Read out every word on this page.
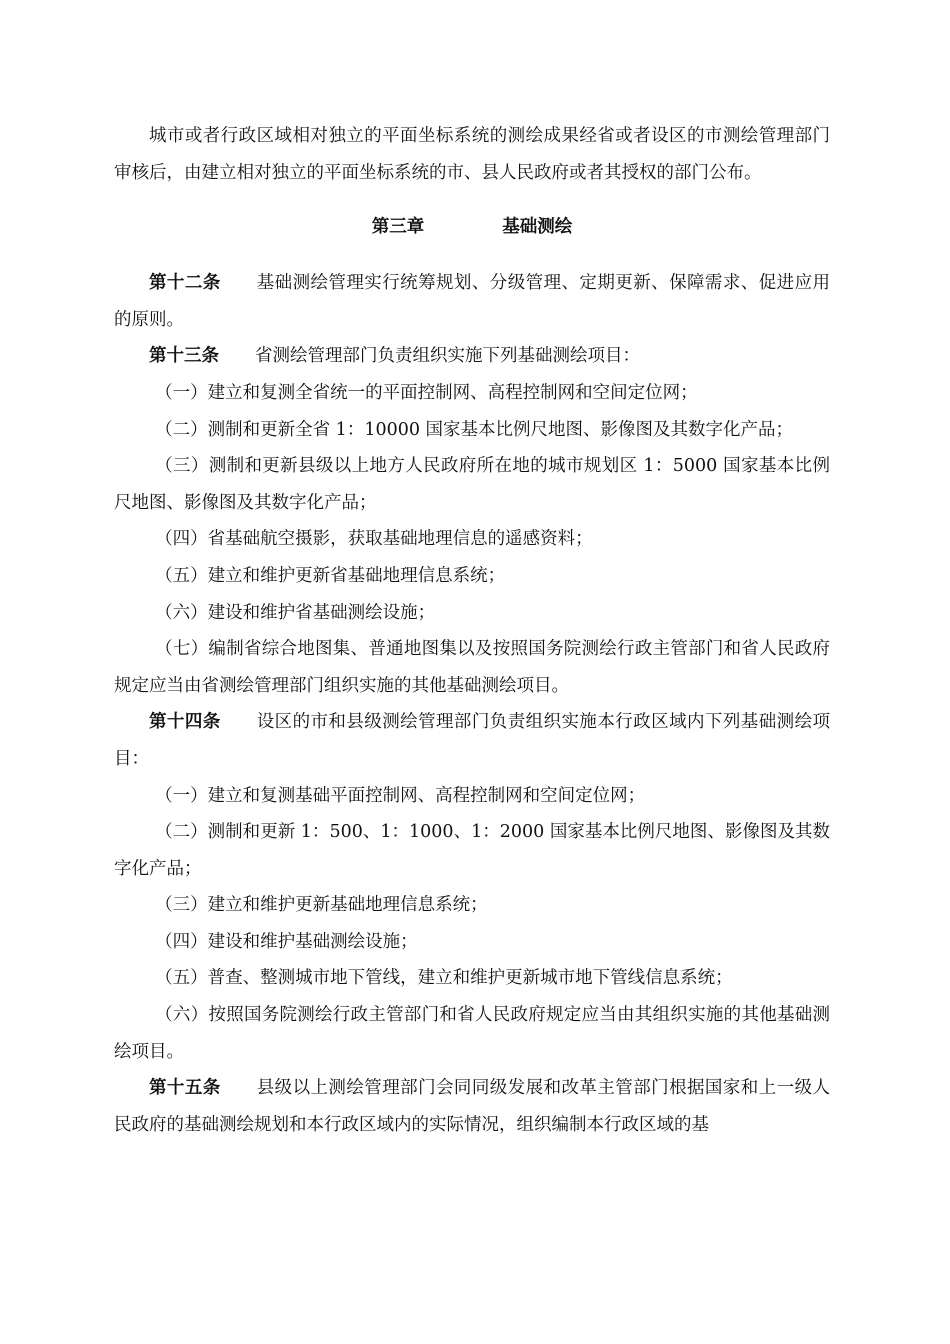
城市或者行政区域相对独立的平面坐标系统的测绘成果经省或者设区的市测绘管理部门审核后，由建立相对独立的平面坐标系统的市、县人民政府或者其授权的部门公布。

第三章	基础测绘

第十二条 基础测绘管理实行统筹规划、分级管理、定期更新、保障需求、促进应用的原则。

第十三条 省测绘管理部门负责组织实施下列基础测绘项目：

（一）建立和复测全省统一的平面控制网、高程控制网和空间定位网；

（二）测制和更新全省 1：10000 国家基本比例尺地图、影像图及其数字化产品；

（三）测制和更新县级以上地方人民政府所在地的城市规划区 1：5000 国家基本比例尺地图、影像图及其数字化产品；

（四）省基础航空摄影，获取基础地理信息的遥感资料；

（五）建立和维护更新省基础地理信息系统；

（六）建设和维护省基础测绘设施；

（七）编制省综合地图集、普通地图集以及按照国务院测绘行政主管部门和省人民政府规定应当由省测绘管理部门组织实施的其他基础测绘项目。

第十四条 设区的市和县级测绘管理部门负责组织实施本行政区域内下列基础测绘项目：

（一）建立和复测基础平面控制网、高程控制网和空间定位网；

（二）测制和更新 1：500、1：1000、1：2000 国家基本比例尺地图、影像图及其数字化产品；

（三）建立和维护更新基础地理信息系统；

（四）建设和维护基础测绘设施；

（五）普查、整测城市地下管线，建立和维护更新城市地下管线信息系统；

（六）按照国务院测绘行政主管部门和省人民政府规定应当由其组织实施的其他基础测绘项目。

第十五条 县级以上测绘管理部门会同同级发展和改革主管部门根据国家和上一级人民政府的基础测绘规划和本行政区域内的实际情况，组织编制本行政区域的基
